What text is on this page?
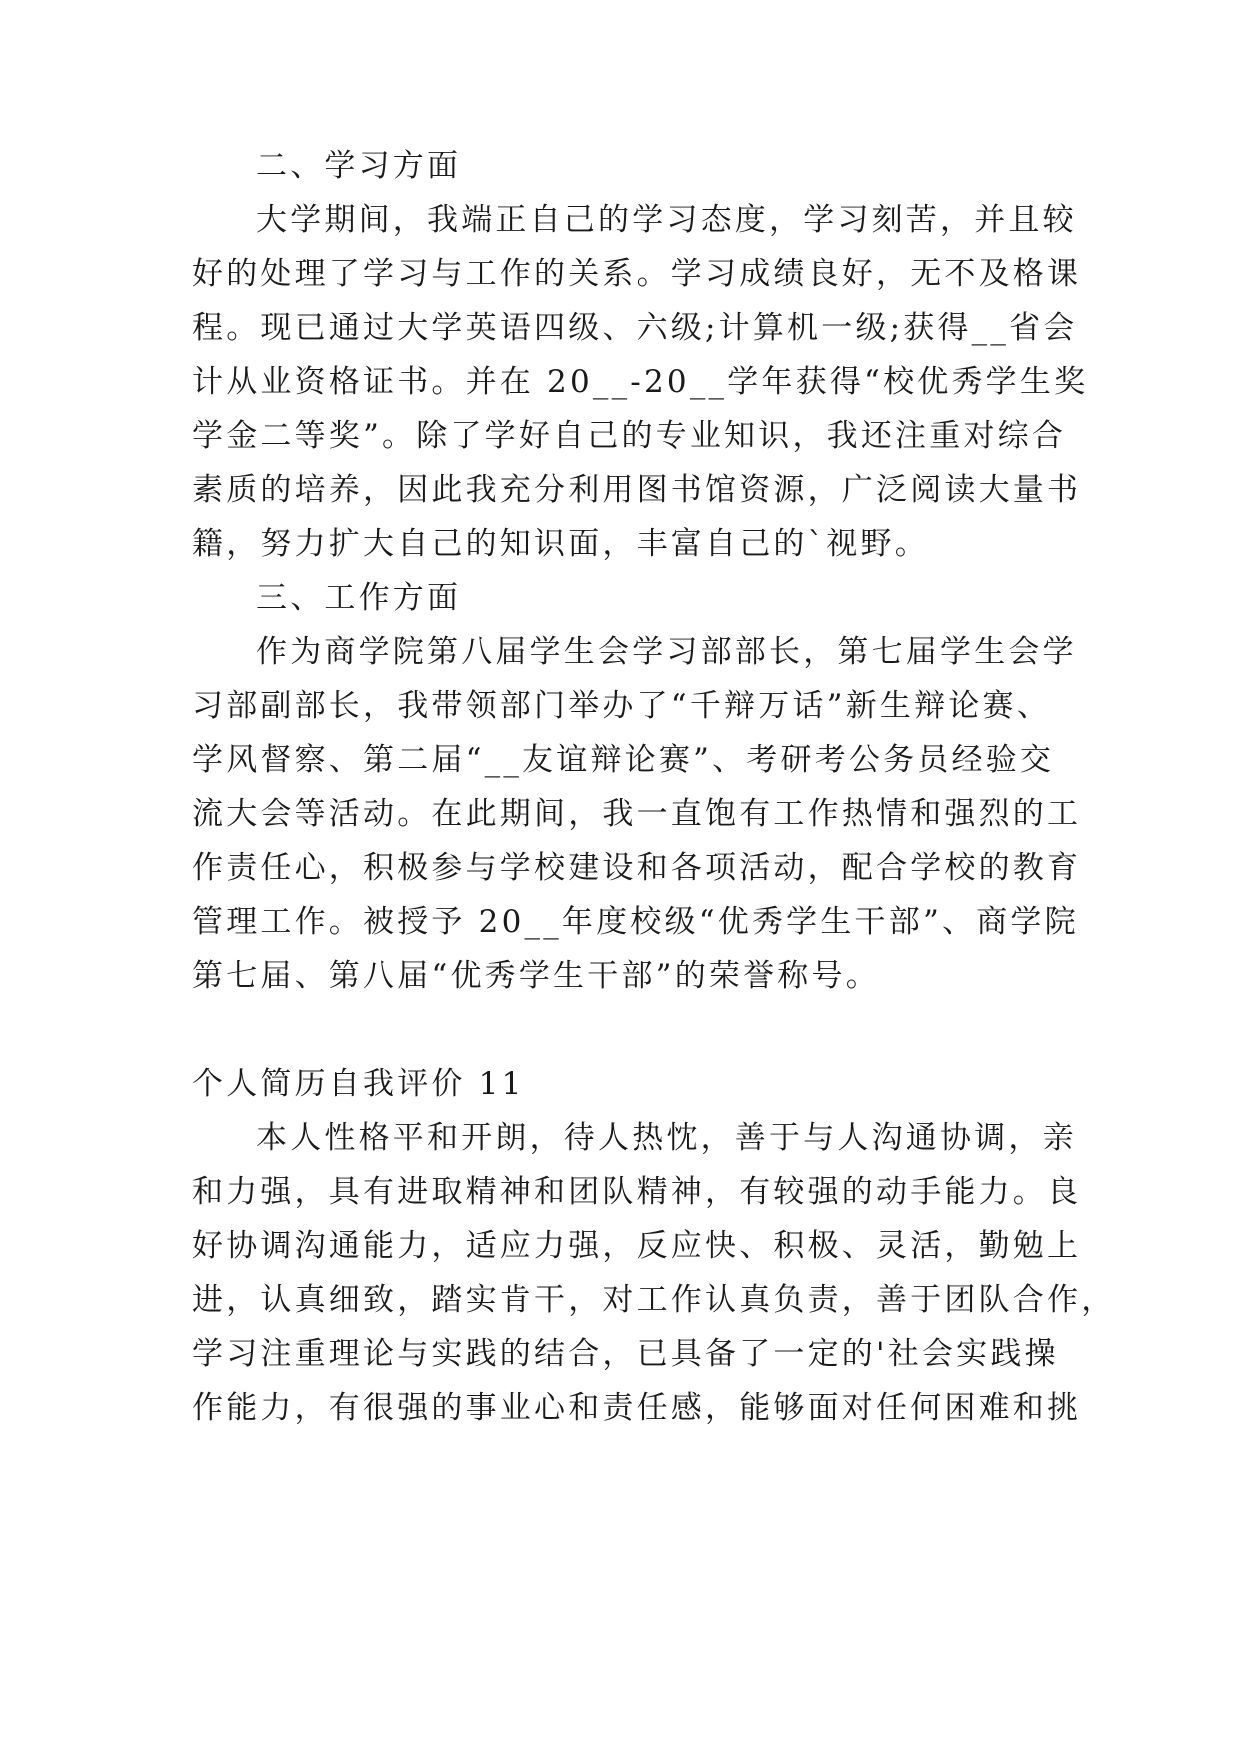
二、学习方面
大学期间，我端正自己的学习态度，学习刻苦，并且较
好的处理了学习与工作的关系。学习成绩良好，无不及格课
程。现已通过大学英语四级、六级;计算机一级;获得__省会
计从业资格证书。并在 20__-20__学年获得“校优秀学生奖
学金二等奖”。除了学好自己的专业知识，我还注重对综合
素质的培养，因此我充分利用图书馆资源，广泛阅读大量书
籍，努力扩大自己的知识面，丰富自己的`视野。
三、工作方面
作为商学院第八届学生会学习部部长，第七届学生会学
习部副部长，我带领部门举办了“千辩万话”新生辩论赛、
学风督察、第二届“__友谊辩论赛”、考研考公务员经验交
流大会等活动。在此期间，我一直饱有工作热情和强烈的工
作责任心，积极参与学校建设和各项活动，配合学校的教育
管理工作。被授予 20__年度校级“优秀学生干部”、商学院
第七届、第八届“优秀学生干部”的荣誉称号。
个人简历自我评价 11
本人性格平和开朗，待人热忱，善于与人沟通协调，亲
和力强，具有进取精神和团队精神，有较强的动手能力。良
好协调沟通能力，适应力强，反应快、积极、灵活，勤勉上
进，认真细致，踏实肯干，对工作认真负责，善于团队合作，
学习注重理论与实践的结合，已具备了一定的'社会实践操
作能力，有很强的事业心和责任感，能够面对任何困难和挑
